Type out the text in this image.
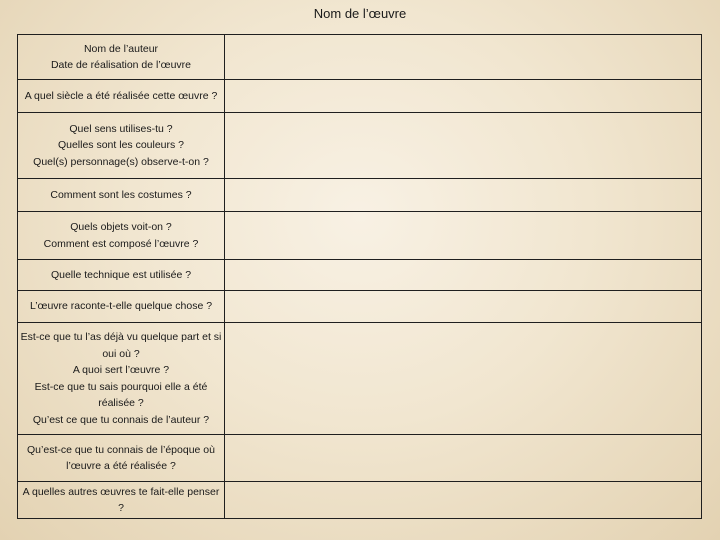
Nom de l’œuvre
Nom de l’auteur
Date de réalisation de l’œuvre	

A quel siècle a été réalisée cette œuvre ?	

Quel sens utilises-tu ?
Quelles sont les couleurs ?
Quel(s) personnage(s) observe-t-on ?	

Comment sont les costumes ?	

Quels objets voit-on ?
Comment est composé l’œuvre ?	

Quelle technique est utilisée ?	

L’œuvre raconte-t-elle quelque chose ?	

Est-ce que tu l’as déjà vu quelque part et si oui où ?
A quoi sert l’œuvre ?
Est-ce que tu sais pourquoi elle a été réalisée ?
Qu’est ce que tu connais de l’auteur ?	

Qu’est-ce que tu connais de l’époque où l’œuvre a été réalisée ?	

A quelles autres œuvres te fait-elle penser ?	
